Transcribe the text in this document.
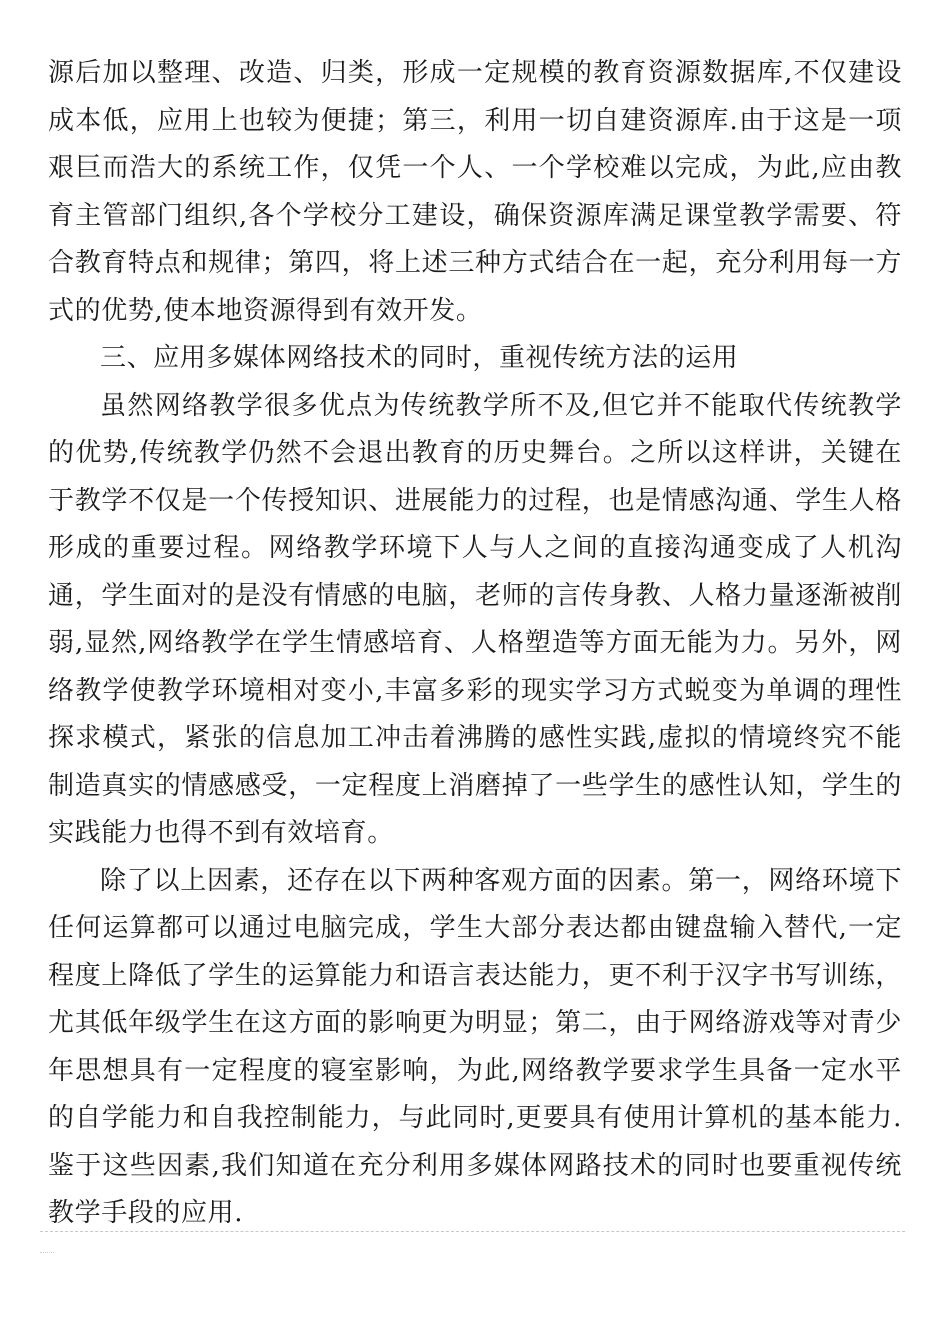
源后加以整理、改造、归类，形成一定规模的教育资源数据库,不仅建设成本低，应用上也较为便捷；第三，利用一切自建资源库.由于这是一项艰巨而浩大的系统工作，仅凭一个人、一个学校难以完成，为此,应由教育主管部门组织,各个学校分工建设，确保资源库满足课堂教学需要、符合教育特点和规律；第四，将上述三种方式结合在一起，充分利用每一方式的优势,使本地资源得到有效开发。

三、应用多媒体网络技术的同时，重视传统方法的运用

虽然网络教学很多优点为传统教学所不及,但它并不能取代传统教学的优势,传统教学仍然不会退出教育的历史舞台。之所以这样讲，关键在于教学不仅是一个传授知识、进展能力的过程，也是情感沟通、学生人格形成的重要过程。网络教学环境下人与人之间的直接沟通变成了人机沟通，学生面对的是没有情感的电脑，老师的言传身教、人格力量逐渐被削弱,显然,网络教学在学生情感培育、人格塑造等方面无能为力。另外，网络教学使教学环境相对变小,丰富多彩的现实学习方式蜕变为单调的理性探求模式，紧张的信息加工冲击着沸腾的感性实践,虚拟的情境终究不能制造真实的情感感受，一定程度上消磨掉了一些学生的感性认知，学生的实践能力也得不到有效培育。

除了以上因素，还存在以下两种客观方面的因素。第一，网络环境下任何运算都可以通过电脑完成，学生大部分表达都由键盘输入替代,一定程度上降低了学生的运算能力和语言表达能力，更不利于汉字书写训练，尤其低年级学生在这方面的影响更为明显；第二，由于网络游戏等对青少年思想具有一定程度的寝室影响，为此,网络教学要求学生具备一定水平的自学能力和自我控制能力，与此同时,更要具有使用计算机的基本能力.鉴于这些因素,我们知道在充分利用多媒体网路技术的同时也要重视传统教学手段的应用.
